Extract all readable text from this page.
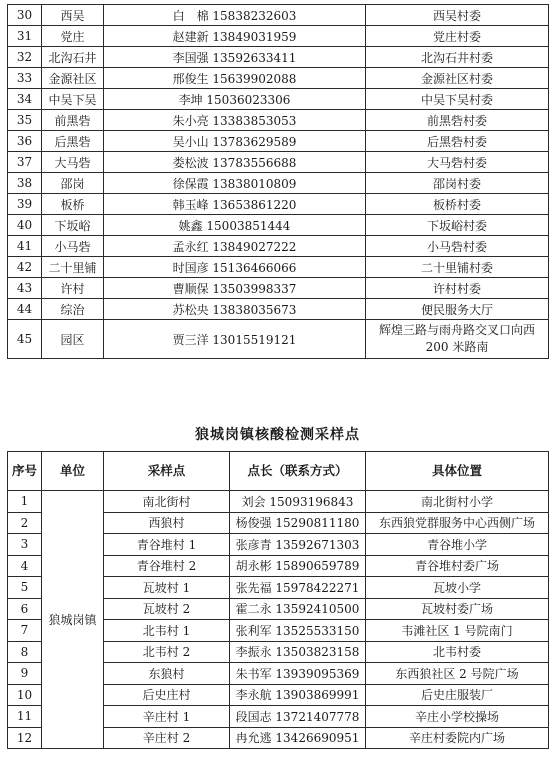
30	西吴	白　棉 15838232603	西吴村委
31	党庄	赵建新 13849031959	党庄村委
32	北沟石井	李国强 13592633411	北沟石井村委
33	金源社区	邢俊生 15639902088	金源社区村委
34	中吴下吴	李坤 15036023306	中吴下吴村委
35	前黑砦	朱小亮 13383853053	前黑砦村委
36	后黑砦	吴小山 13783629589	后黑砦村委
37	大马砦	娄松波 13783556688	大马砦村委
38	邵岗	徐保霞 13838010809	邵岗村委
39	板桥	韩玉峰 13653861220	板桥村委
40	下坂峪	姚鑫 15003851444	下坂峪村委
41	小马砦	孟永红 13849027222	小马砦村委
42	二十里铺	时国彦 15136466066	二十里铺村委
43	许村	曹顺保 13503998337	许村村委
44	综治	苏松央 13838035673	便民服务大厅
45	园区	贾三洋 13015519121	辉煌三路与雨舟路交叉口向西 200 米路南
狼城岗镇核酸检测采样点
序号	单位	采样点	点长（联系方式）	具体位置
1	狼城岗镇	南北街村	刘会 15093196843	南北街村小学
2		西狼村	杨俊强 15290811180	东西狼党群服务中心西侧广场
3		青谷堆村 1	张彦青 13592671303	青谷堆小学
4		青谷堆村 2	胡永彬 15890659789	青谷堆村委广场
5		瓦坡村 1	张先福 15978422271	瓦坡小学
6		瓦坡村 2	霍二永 13592410500	瓦坡村委广场
7		北韦村 1	张利军 13525533150	韦滩社区 1 号院南门
8		北韦村 2	李振永 13503823158	北韦村委
9		东狼村	朱书军 13939095369	东西狼社区 2 号院广场
10		后史庄村	李永航 13903869991	后史庄服装厂
11		辛庄村 1	段国志 13721407778	辛庄小学校操场
12		辛庄村 2	冉允逃 13426690951	辛庄村委院内广场
